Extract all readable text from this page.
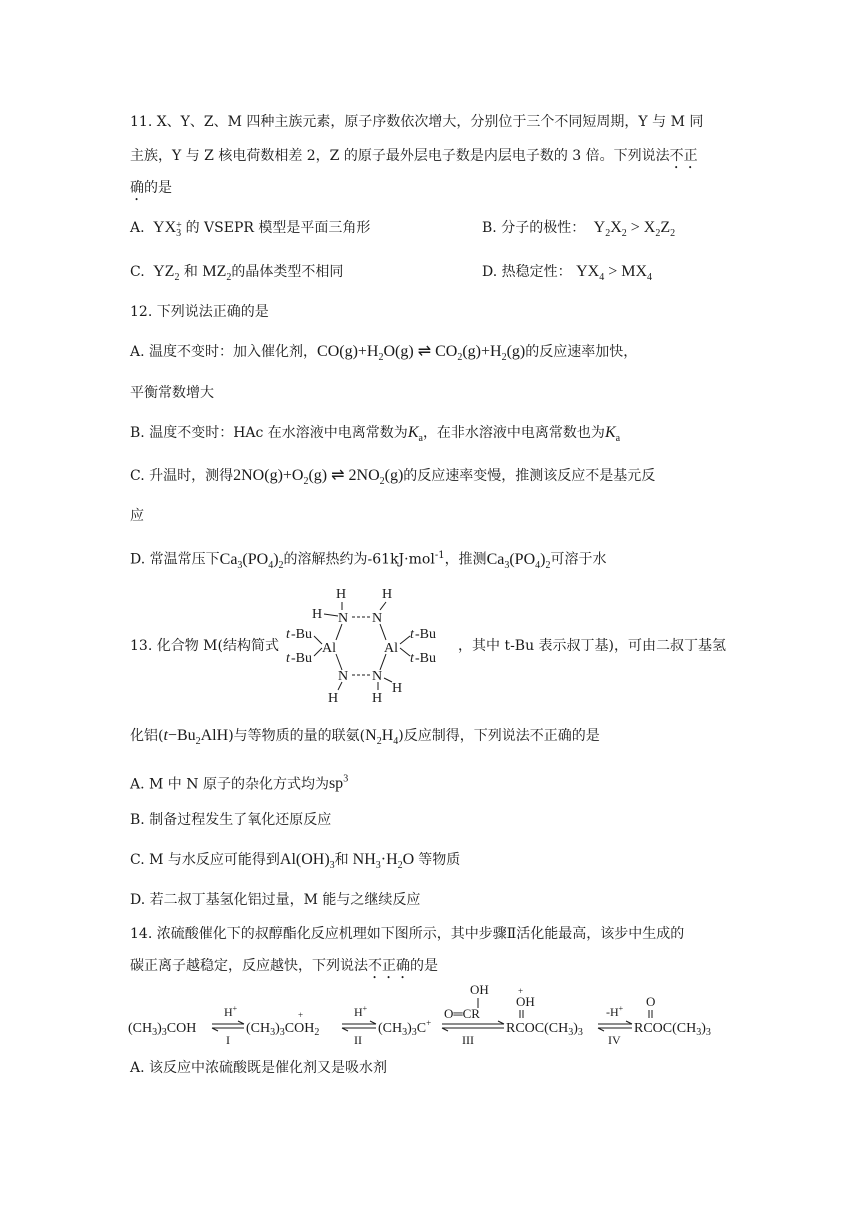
11. X、Y、Z、M 四种主族元素，原子序数依次增大，分别位于三个不同短周期，Y 与 M 同
主族，Y 与 Z 核电荷数相差 2，Z 的原子最外层电子数是内层电子数的 3 倍。下列说法不正
确的是
A.  YX $_{+ 3}$ 的 VSEPR 模型是平面三角形	B. 分子的极性：  $Y_2X_2 > X_2Z_2$
C.  $YZ_2$ 和 $MZ_2$的晶体类型不相同	D. 热稳定性： $YX_4 > MX_4$
12. 下列说法正确的是
A. 温度不变时：加入催化剂，$CO(g)+H_2O(g)$ ⇌ $CO_2(g)+H_2(g)$的反应速率加快，
平衡常数增大
B. 温度不变时：HAc 在水溶液中电离常数为$K_a$，在非水溶液中电离常数也为$K_a$
C. 升温时，测得$2NO(g)+O_2(g)$ ⇌ $2NO_2(g)$的反应速率变慢，推测该反应不是基元反
应
D. 常温常压下$Ca_3(PO_4)_2$的溶解热约为-61kJ·mol$^{-1}$，推测$Ca_3(PO_4)_2$可溶于水
13. 化合物 M(结构简式
H	H
H N N
t -Bu
t -Bu
Al	Al
t -Bu
t -Bu
N N
H H
H
，其中 t-Bu 表示叔丁基)，可由二叔丁基氢
化铝$(t-Bu_2AlH)$与等物质的量的联氨$(N_2H_4)$反应制得，下列说法不正确的是
A. M 中 N 原子的杂化方式均为$sp^3$
B. 制备过程发生了氧化还原反应
C. M 与水反应可能得到$Al(OH)_3$和 $NH_3\cdot H_2O$ 等物质
D. 若二叔丁基氢化铝过量，M 能与之继续反应
14. 浓硫酸催化下的叔醇酯化反应机理如下图所示，其中步骤Ⅱ活化能最高，该步中生成的
碳正离子越稳定，反应越快，下列说法不正确的是
$(CH_3)_3COH$
H+
I
$(CH_3)_3COH_2$
+	H+
II
$(CH_3)_3C^+$
OH
O═CR
III
+
OH
$RCOC(CH_3)_3$
-H+
IV
O
$RCOC(CH_3)_3$
A. 该反应中浓硫酸既是催化剂又是吸水剂
